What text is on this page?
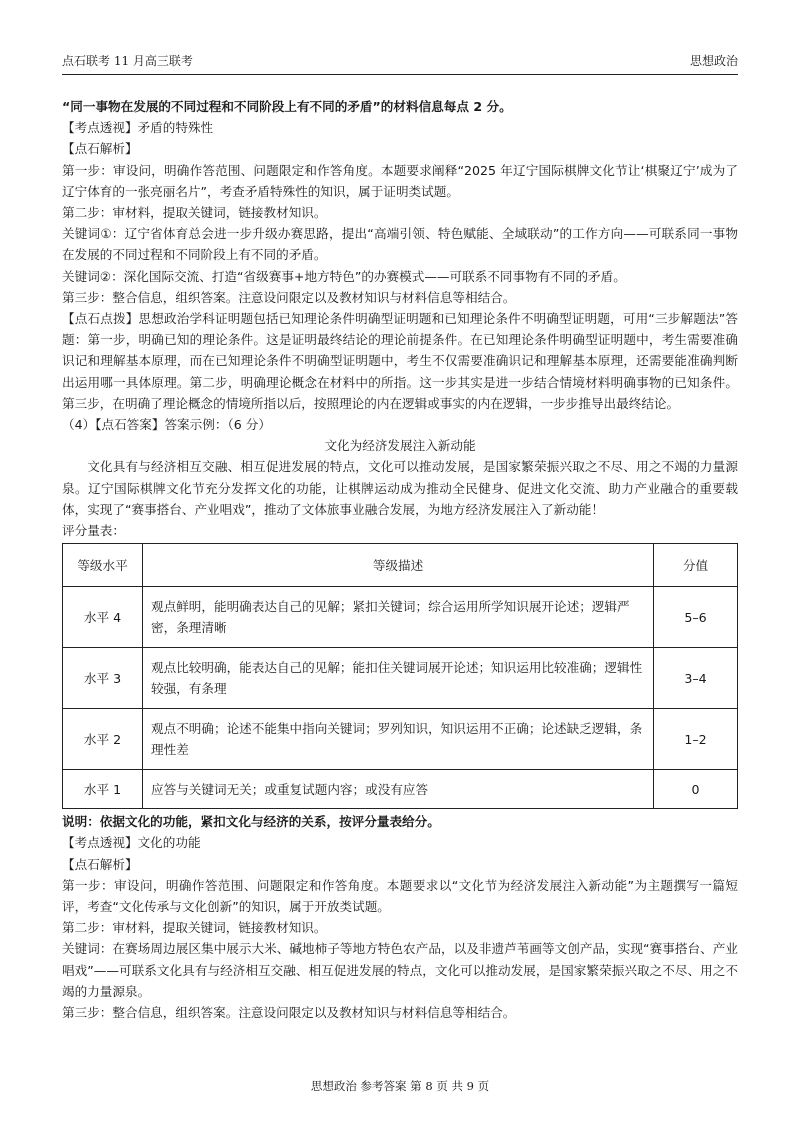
点石联考 11 月高三联考	思想政治

“同一事物在发展的不同过程和不同阶段上有不同的矛盾”的材料信息每点 2 分。

【考点透视】矛盾的特殊性

【点石解析】

第一步：审设问，明确作答范围、问题限定和作答角度。本题要求阐释“2025 年辽宁国际棋牌文化节让‘棋聚辽宁’成为了辽宁体育的一张亮丽名片”，考查矛盾特殊性的知识，属于证明类试题。

第二步：审材料，提取关键词，链接教材知识。

关键词①：辽宁省体育总会进一步升级办赛思路，提出“高端引领、特色赋能、全域联动”的工作方向——可联系同一事物在发展的不同过程和不同阶段上有不同的矛盾。

关键词②：深化国际交流、打造“省级赛事+地方特色”的办赛模式——可联系不同事物有不同的矛盾。

第三步：整合信息，组织答案。注意设问限定以及教材知识与材料信息等相结合。

【点石点拨】思想政治学科证明题包括已知理论条件明确型证明题和已知理论条件不明确型证明题，可用“三步解题法”答题：第一步，明确已知的理论条件。这是证明最终结论的理论前提条件。在已知理论条件明确型证明题中，考生需要准确识记和理解基本原理，而在已知理论条件不明确型证明题中，考生不仅需要准确识记和理解基本原理，还需要能准确判断出运用哪一具体原理。第二步，明确理论概念在材料中的所指。这一步其实是进一步结合情境材料明确事物的已知条件。第三步，在明确了理论概念的情境所指以后，按照理论的内在逻辑或事实的内在逻辑，一步步推导出最终结论。

（4）【点石答案】答案示例：（6 分）

文化为经济发展注入新动能

文化具有与经济相互交融、相互促进发展的特点，文化可以推动发展，是国家繁荣振兴取之不尽、用之不竭的力量源泉。辽宁国际棋牌文化节充分发挥文化的功能，让棋牌运动成为推动全民健身、促进文化交流、助力产业融合的重要载体，实现了“赛事搭台、产业唱戏”，推动了文体旅事业融合发展，为地方经济发展注入了新动能！

评分量表：

等级水平	等级描述	分值
水平 4	观点鲜明，能明确表达自己的见解；紧扣关键词；综合运用所学知识展开论述；逻辑严密，条理清晰	5–6
水平 3	观点比较明确，能表达自己的见解；能扣住关键词展开论述；知识运用比较准确；逻辑性较强，有条理	3–4
水平 2	观点不明确；论述不能集中指向关键词；罗列知识，知识运用不正确；论述缺乏逻辑，条理性差	1–2
水平 1	应答与关键词无关；或重复试题内容；或没有应答	0

说明：依据文化的功能，紧扣文化与经济的关系，按评分量表给分。

【考点透视】文化的功能

【点石解析】

第一步：审设问，明确作答范围、问题限定和作答角度。本题要求以“文化节为经济发展注入新动能”为主题撰写一篇短评，考查“文化传承与文化创新”的知识，属于开放类试题。

第二步：审材料，提取关键词，链接教材知识。

关键词：在赛场周边展区集中展示大米、碱地柿子等地方特色农产品，以及非遗芦苇画等文创产品，实现“赛事搭台、产业唱戏”——可联系文化具有与经济相互交融、相互促进发展的特点，文化可以推动发展，是国家繁荣振兴取之不尽、用之不竭的力量源泉。

第三步：整合信息，组织答案。注意设问限定以及教材知识与材料信息等相结合。

思想政治 参考答案 第 8 页 共 9 页
